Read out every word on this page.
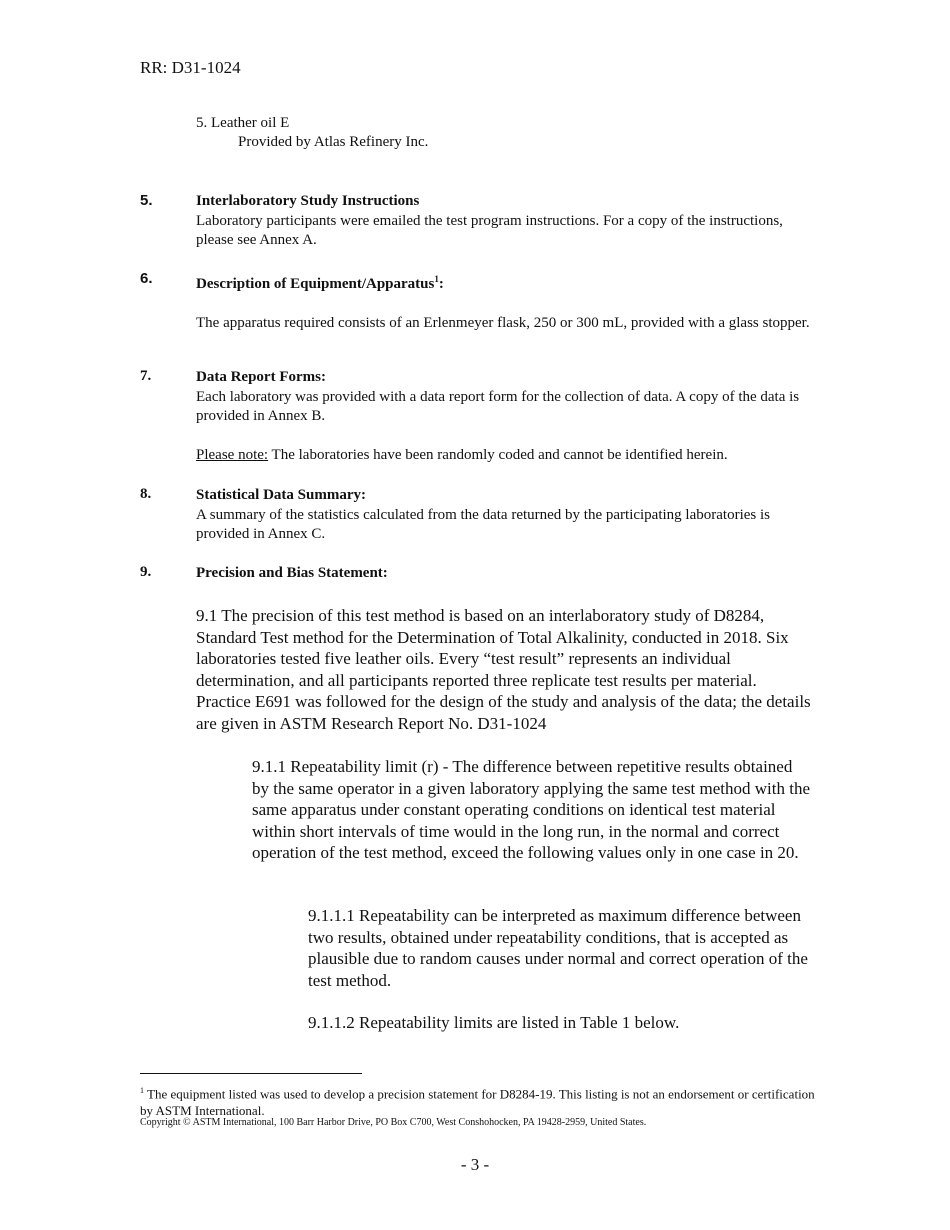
RR: D31-1024
5. Leather oil E
Provided by Atlas Refinery Inc.
5.	Interlaboratory Study Instructions
Laboratory participants were emailed the test program instructions. For a copy of the instructions, please see Annex A.
6.	Description of Equipment/Apparatus$^1$:
The apparatus required consists of an Erlenmeyer flask, 250 or 300 mL, provided with a glass stopper.
7.	Data Report Forms:
Each laboratory was provided with a data report form for the collection of data. A copy of the data is provided in Annex B.
Please note: The laboratories have been randomly coded and cannot be identified herein.
8.	Statistical Data Summary:
A summary of the statistics calculated from the data returned by the participating laboratories is provided in Annex C.
9.	Precision and Bias Statement:
9.1 The precision of this test method is based on an interlaboratory study of D8284, Standard Test method for the Determination of Total Alkalinity, conducted in 2018. Six laboratories tested five leather oils. Every “test result” represents an individual determination, and all participants reported three replicate test results per material. Practice E691 was followed for the design of the study and analysis of the data; the details are given in ASTM Research Report No. D31-1024
9.1.1 Repeatability limit (r) - The difference between repetitive results obtained by the same operator in a given laboratory applying the same test method with the same apparatus under constant operating conditions on identical test material within short intervals of time would in the long run, in the normal and correct operation of the test method, exceed the following values only in one case in 20.
9.1.1.1 Repeatability can be interpreted as maximum difference between two results, obtained under repeatability conditions, that is accepted as plausible due to random causes under normal and correct operation of the test method.
9.1.1.2 Repeatability limits are listed in Table 1 below.
$^1$ The equipment listed was used to develop a precision statement for D8284-19. This listing is not an endorsement or certification by ASTM International.
Copyright © ASTM International, 100 Barr Harbor Drive, PO Box C700, West Conshohocken, PA 19428-2959, United States.
- 3 -
